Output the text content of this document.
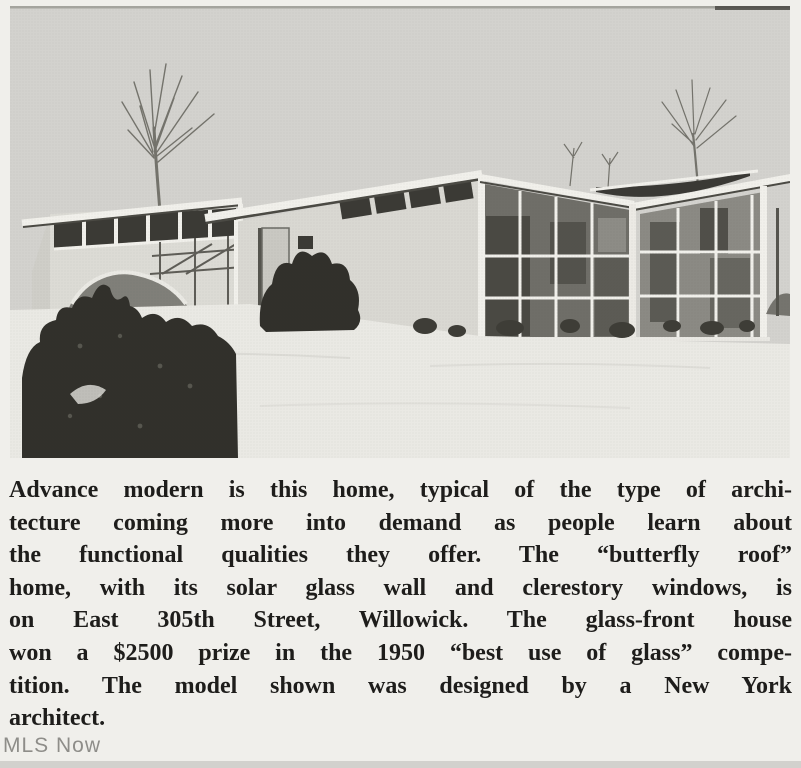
Advance modern is this home, typical of the type of archi-
tecture coming more into demand as people learn about
the functional qualities they offer. The “butterfly roof”
home, with its solar glass wall and clerestory windows, is
on East 305th Street, Willowick. The glass-front house
won a $2500 prize in the 1950 “best use of glass” compe-
tition. The model shown was designed by a New York
architect.
MLS Now
